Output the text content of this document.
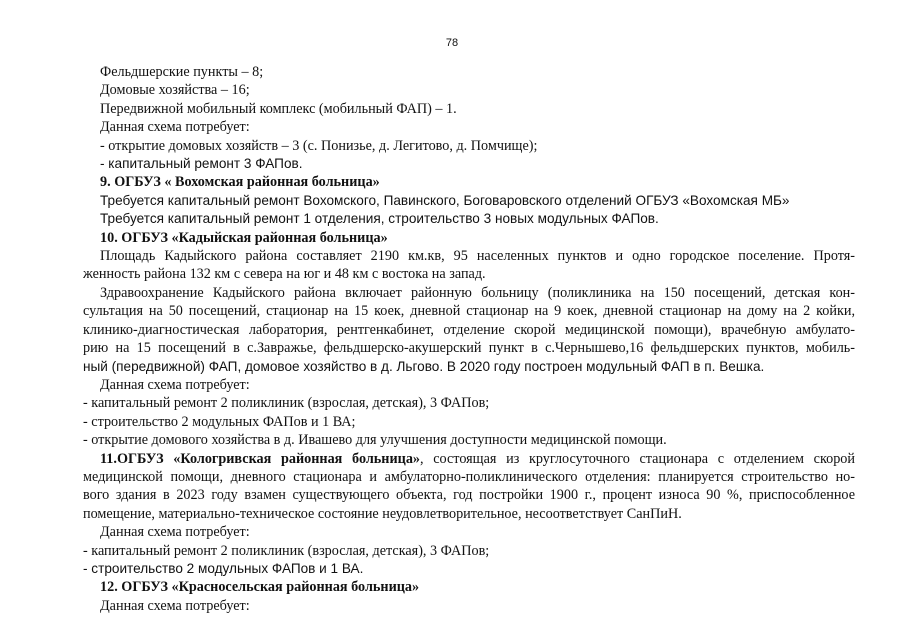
78
Фельдшерские пункты – 8;
Домовые хозяйства – 16;
Передвижной мобильный комплекс (мобильный ФАП) – 1.
Данная схема потребует:
- открытие домовых хозяйств – 3 (с. Понизье, д. Легитово, д. Помчище);
- капитальный ремонт 3 ФАПов.
9. ОГБУЗ « Вохомская районная больница»
Требуется капитальный ремонт Вохомского, Павинского, Боговаровского отделений ОГБУЗ «Вохомская МБ»
Требуется капитальный ремонт 1 отделения, строительство 3 новых модульных ФАПов.
10. ОГБУЗ «Кадыйская районная больница»
Площадь Кадыйского района составляет 2190 км.кв, 95 населенных пунктов и одно городское поселение. Протя-
женность района 132 км с севера на юг и 48 км с востока на запад.
Здравоохранение Кадыйского района включает районную больницу (поликлиника на 150 посещений, детская кон-
сультация на 50 посещений, стационар на 15 коек, дневной стационар на 9 коек, дневной стационар на дому на 2 койки,
клинико-диагностическая лаборатория, рентгенкабинет, отделение скорой медицинской помощи), врачебную амбулато-
рию на 15 посещений в с.Завражье, фельдшерско-акушерский пункт в с.Чернышево,16 фельдшерских пунктов, мобиль-
ный (передвижной) ФАП, домовое хозяйство в д. Льгово. В 2020 году построен модульный ФАП в п. Вешка.
Данная схема потребует:
- капитальный ремонт 2 поликлиник (взрослая, детская), 3 ФАПов;
- строительство 2 модульных ФАПов и 1 ВА;
- открытие домового хозяйства в д. Ивашево для улучшения доступности медицинской помощи.
11.ОГБУЗ «Кологривская районная больница», состоящая из круглосуточного стационара с отделением скорой
медицинской помощи, дневного стационара и амбулаторно-поликлинического отделения: планируется строительство но-
вого здания в 2023 году взамен существующего объекта, год постройки 1900 г., процент износа 90 %, приспособленное
помещение, материально-техническое состояние неудовлетворительное, несоответствует СанПиН.
Данная схема потребует:
- капитальный ремонт 2 поликлиник (взрослая, детская), 3 ФАПов;
- строительство 2 модульных ФАПов и 1 ВА.
12. ОГБУЗ «Красносельская районная больница»
Данная схема потребует:
